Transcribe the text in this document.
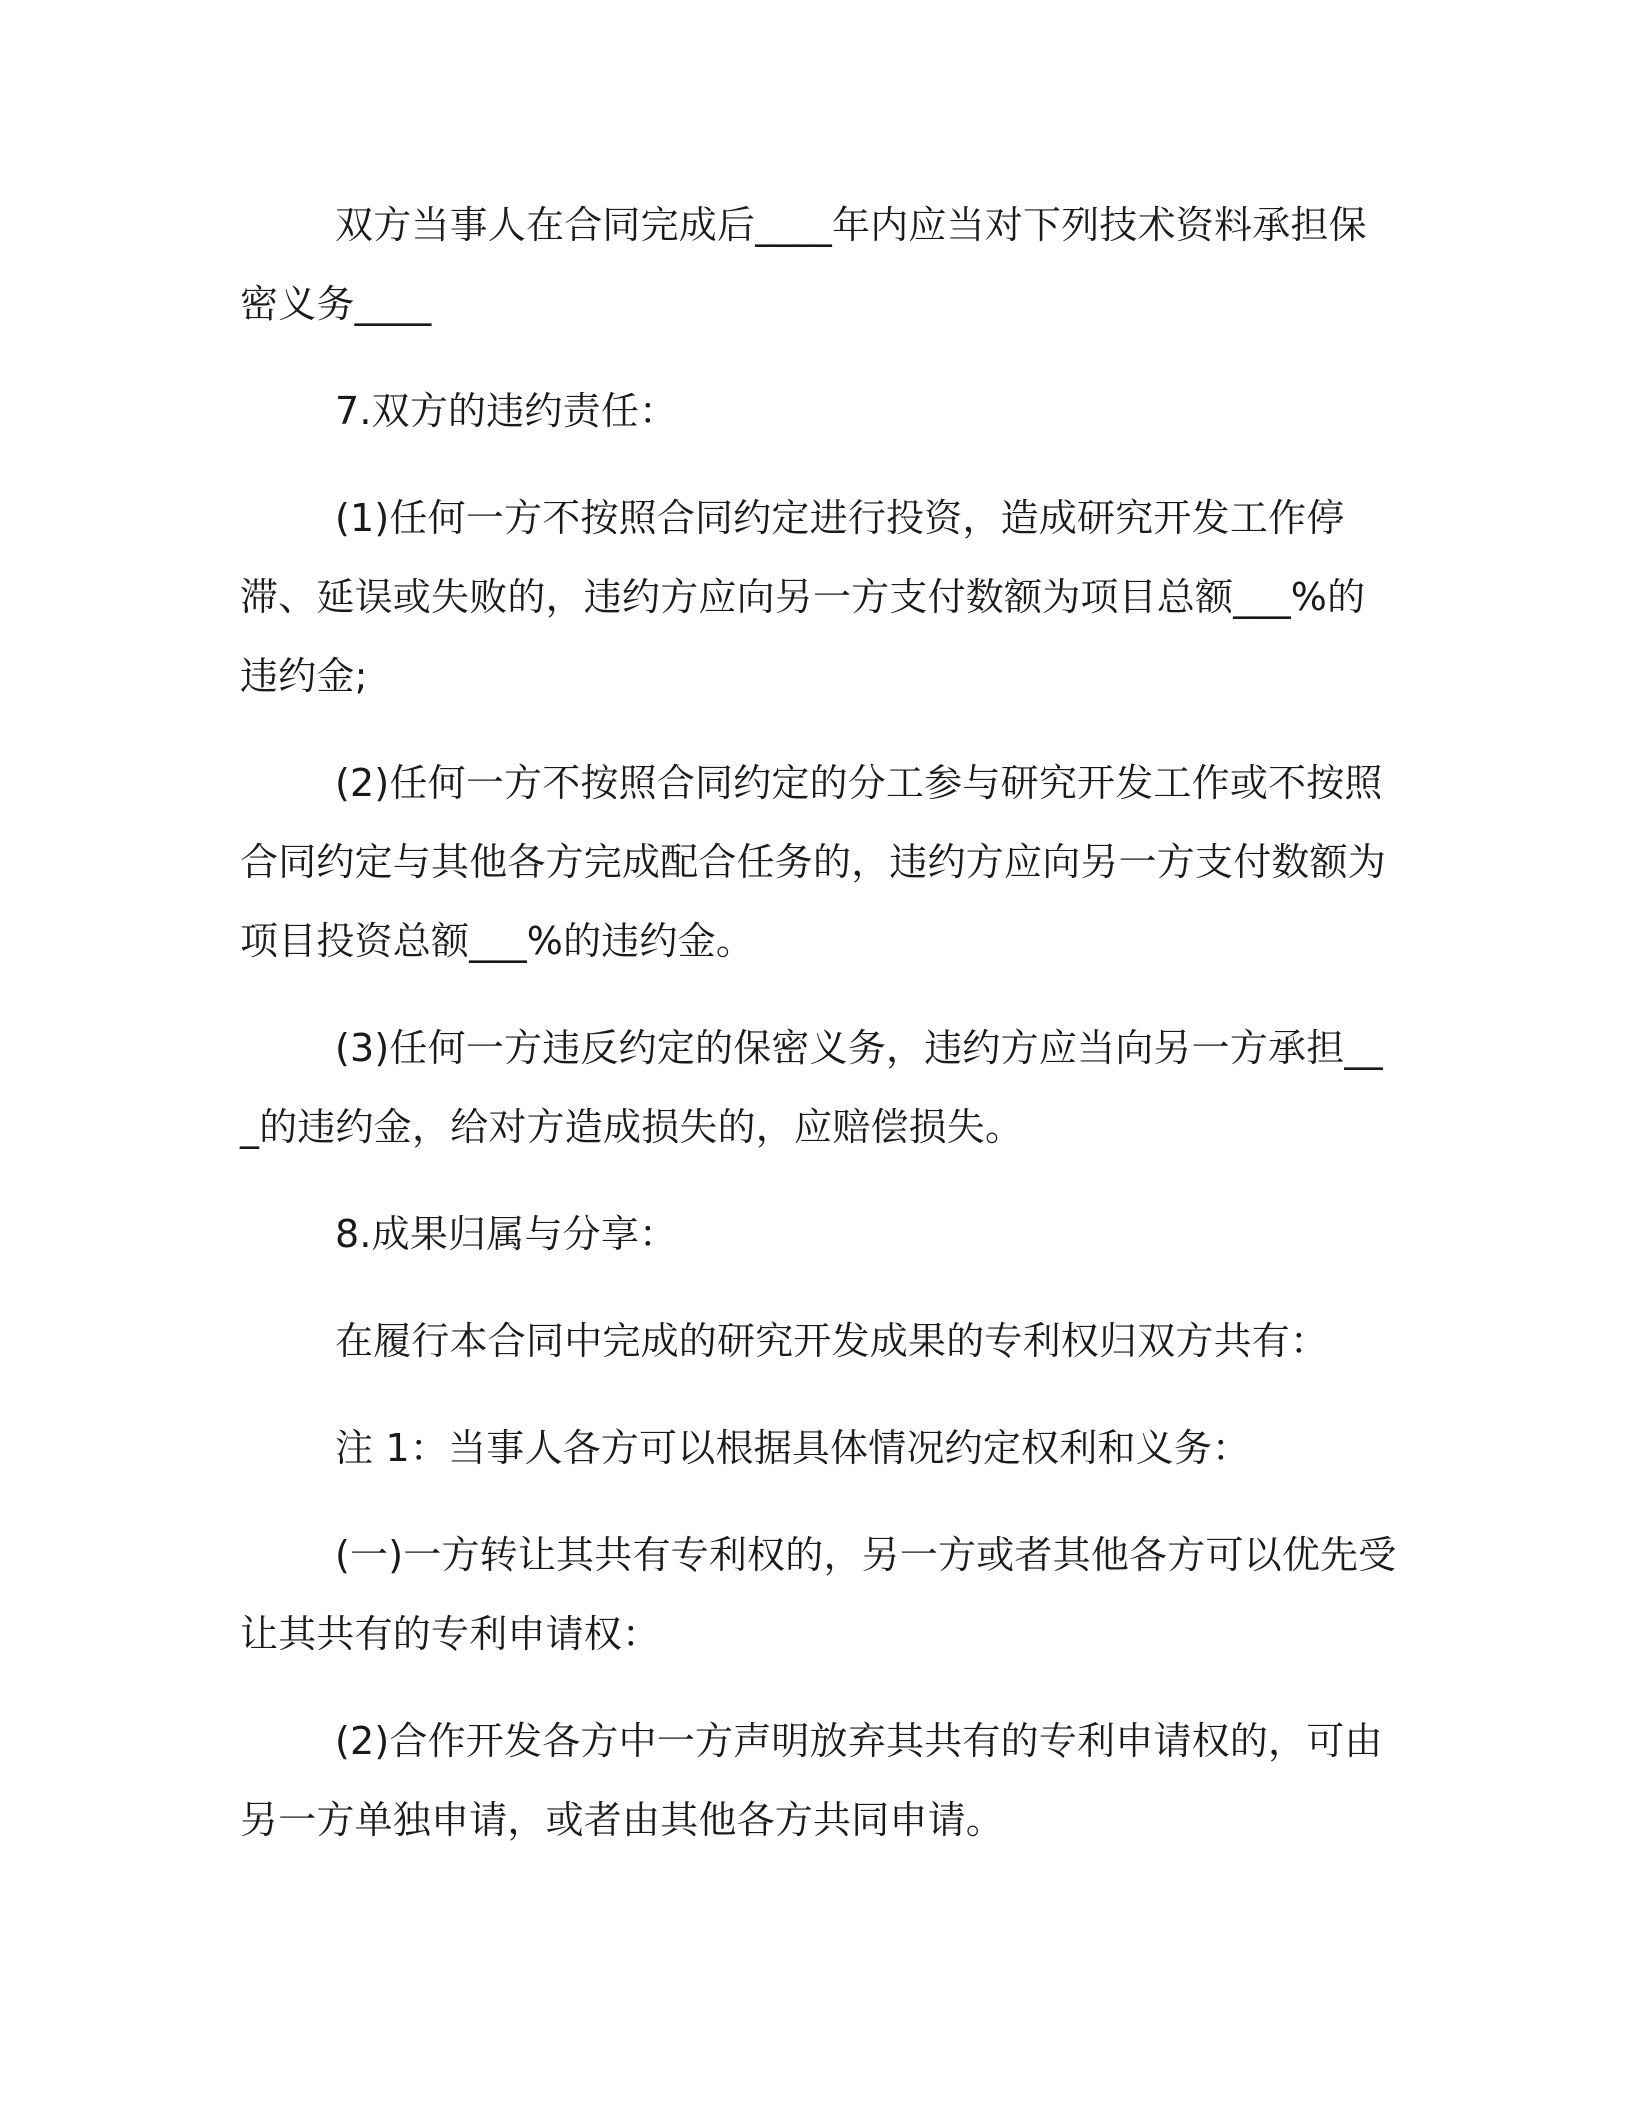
双方当事人在合同完成后____年内应当对下列技术资料承担保密义务____

7.双方的违约责任：

(1)任何一方不按照合同约定进行投资，造成研究开发工作停滞、延误或失败的，违约方应向另一方支付数额为项目总额___%的违约金;

(2)任何一方不按照合同约定的分工参与研究开发工作或不按照合同约定与其他各方完成配合任务的，违约方应向另一方支付数额为项目投资总额___%的违约金。

(3)任何一方违反约定的保密义务，违约方应当向另一方承担___的违约金，给对方造成损失的，应赔偿损失。

8.成果归属与分享：

在履行本合同中完成的研究开发成果的专利权归双方共有：

注 1：当事人各方可以根据具体情况约定权利和义务：

(一)一方转让其共有专利权的，另一方或者其他各方可以优先受让其共有的专利申请权：

(2)合作开发各方中一方声明放弃其共有的专利申请权的，可由另一方单独申请，或者由其他各方共同申请。
